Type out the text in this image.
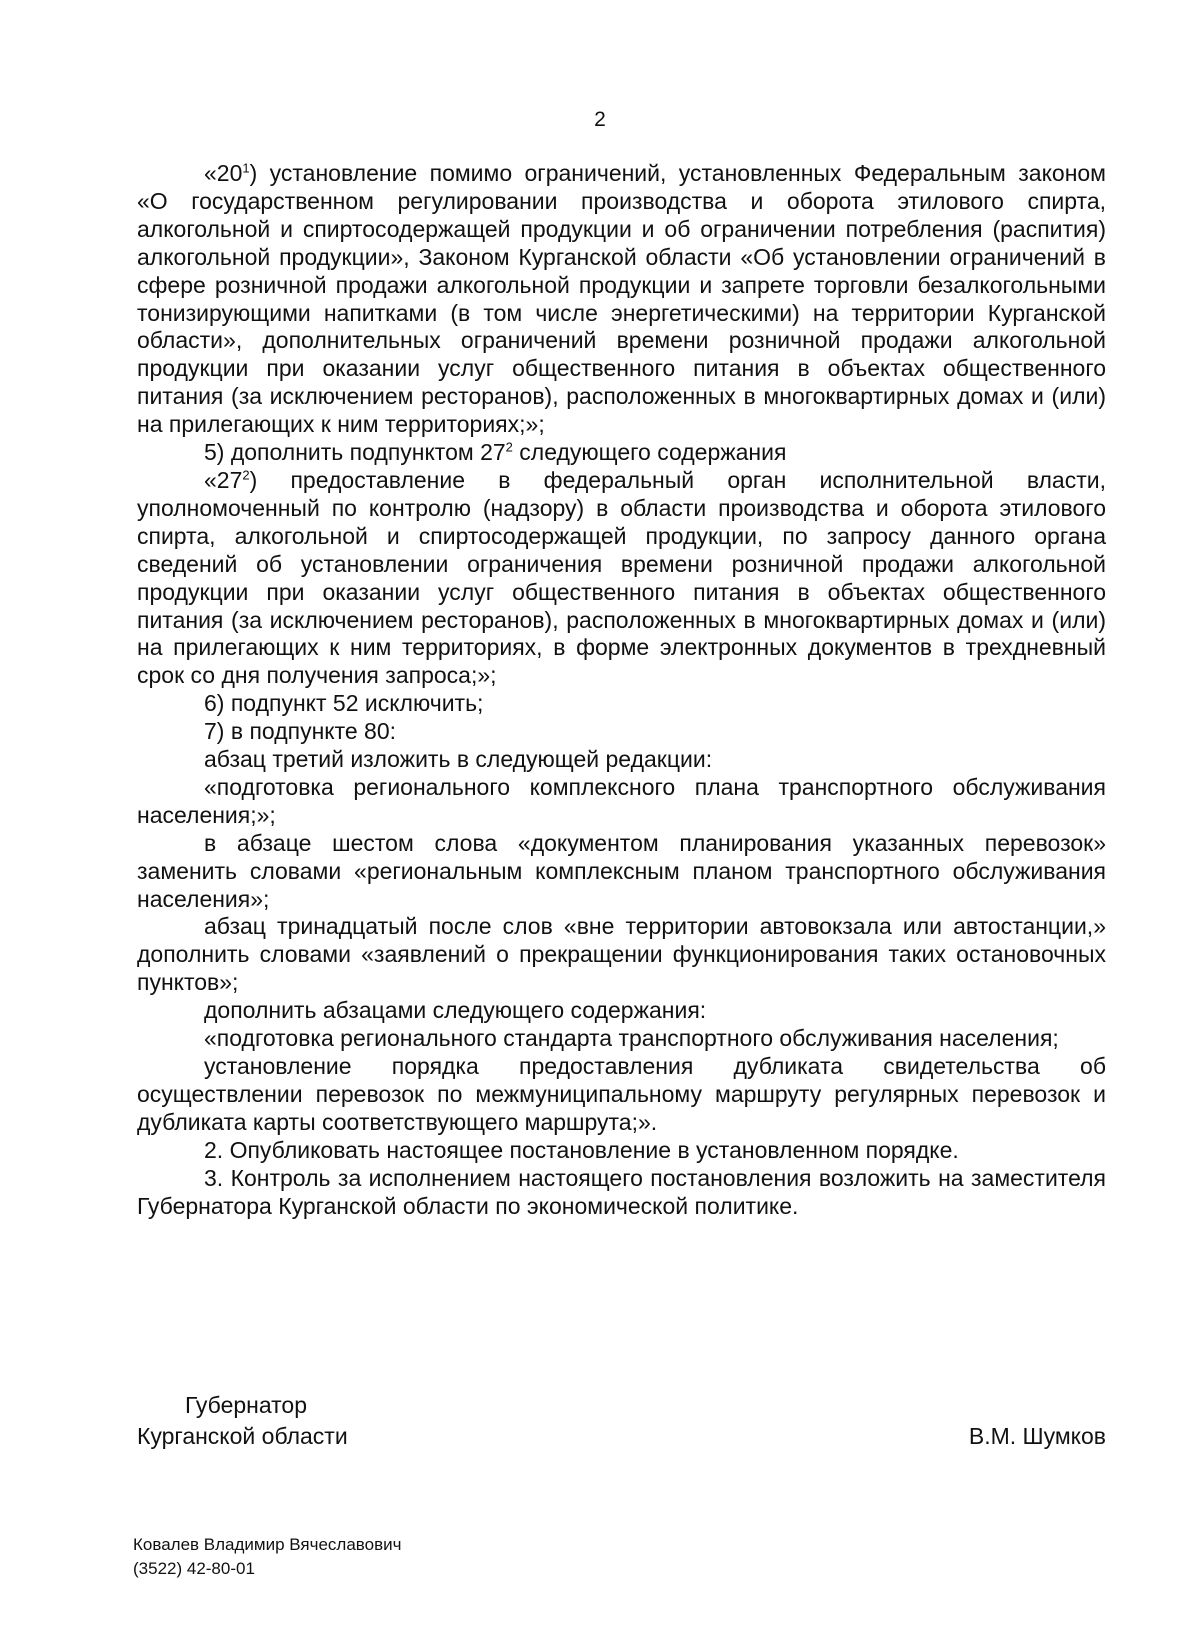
2

«$20^1$) установление помимо ограничений, установленных Федеральным законом «О государственном регулировании производства и оборота этилового спирта, алкогольной и спиртосодержащей продукции и об ограничении потребления (распития) алкогольной продукции», Законом Курганской области «Об установлении ограничений в сфере розничной продажи алкогольной продукции и запрете торговли безалкогольными тонизирующими напитками (в том числе энергетическими) на территории Курганской области», дополнительных ограничений времени розничной продажи алкогольной продукции при оказании услуг общественного питания в объектах общественного питания (за исключением ресторанов), расположенных в многоквартирных домах и (или) на прилегающих к ним территориях;»;

5) дополнить подпунктом $27^2$ следующего содержания

«$27^2$) предоставление в федеральный орган исполнительной власти, уполномоченный по контролю (надзору) в области производства и оборота этилового спирта, алкогольной и спиртосодержащей продукции, по запросу данного органа сведений об установлении ограничения времени розничной продажи алкогольной продукции при оказании услуг общественного питания в объектах общественного питания (за исключением ресторанов), расположенных в многоквартирных домах и (или) на прилегающих к ним территориях, в форме электронных документов в трехдневный срок со дня получения запроса;»;

6) подпункт 52 исключить;

7) в подпункте 80:

абзац третий изложить в следующей редакции:

«подготовка регионального комплексного плана транспортного обслуживания населения;»;

в абзаце шестом слова «документом планирования указанных перевозок» заменить словами «региональным комплексным планом транспортного обслуживания населения»;

абзац тринадцатый после слов «вне территории автовокзала или автостанции,» дополнить словами «заявлений о прекращении функционирования таких остановочных пунктов»;

дополнить абзацами следующего содержания:

«подготовка регионального стандарта транспортного обслуживания населения;

установление порядка предоставления дубликата свидетельства об осуществлении перевозок по межмуниципальному маршруту регулярных перевозок и дубликата карты соответствующего маршрута;».

2. Опубликовать настоящее постановление в установленном порядке.

3. Контроль за исполнением настоящего постановления возложить на заместителя Губернатора Курганской области по экономической политике.

Губернатор
Курганской области	В.М. Шумков
Ковалев Владимир Вячеславович
(3522) 42-80-01
